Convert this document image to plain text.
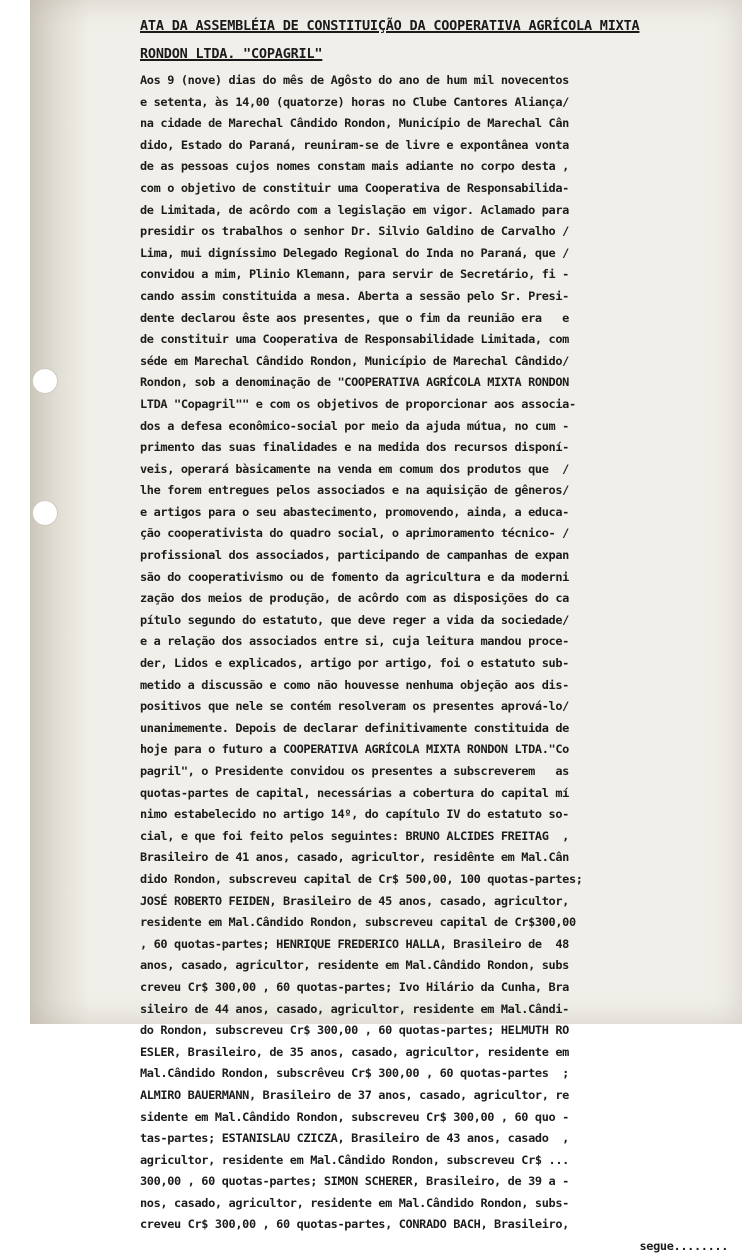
ATA DA ASSEMBLÉIA DE CONSTITUIÇÃO DA COOPERATIVA AGRÍCOLA MIXTA
RONDON LTDA. "COPAGRIL"
Aos 9 (nove) dias do mês de Agôsto do ano de hum mil novecentos
e setenta, às 14,00 (quatorze) horas no Clube Cantores Aliança/
na cidade de Marechal Cândido Rondon, Município de Marechal Cân
dido, Estado do Paraná, reuniram-se de livre e expontânea vonta
de as pessoas cujos nomes constam mais adiante no corpo desta ,
com o objetivo de constituir uma Cooperativa de Responsabilida-
de Limitada, de acôrdo com a legislação em vigor. Aclamado para
presidir os trabalhos o senhor Dr. Silvio Galdino de Carvalho /
Lima, mui digníssimo Delegado Regional do Inda no Paraná, que /
convidou a mim, Plinio Klemann, para servir de Secretário, fi -
cando assim constituida a mesa. Aberta a sessão pelo Sr. Presi-
dente declarou êste aos presentes, que o fim da reunião era   e
de constituir uma Cooperativa de Responsabilidade Limitada, com
séde em Marechal Cândido Rondon, Município de Marechal Cândido/
Rondon, sob a denominação de "COOPERATIVA AGRÍCOLA MIXTA RONDON
LTDA "Copagril"" e com os objetivos de proporcionar aos associa-
dos a defesa econômico-social por meio da ajuda mútua, no cum -
primento das suas finalidades e na medida dos recursos disponí-
veis, operará bàsicamente na venda em comum dos produtos que  /
lhe forem entregues pelos associados e na aquisição de gêneros/
e artigos para o seu abastecimento, promovendo, ainda, a educa-
ção cooperativista do quadro social, o aprimoramento técnico- /
profissional dos associados, participando de campanhas de expan
são do cooperativismo ou de fomento da agricultura e da moderni
zação dos meios de produção, de acôrdo com as disposições do ca
pítulo segundo do estatuto, que deve reger a vida da sociedade/
e a relação dos associados entre si, cuja leitura mandou proce-
der, Lidos e explicados, artigo por artigo, foi o estatuto sub-
metido a discussão e como não houvesse nenhuma objeção aos dis-
positivos que nele se contém resolveram os presentes aprová-lo/
unanimemente. Depois de declarar definitivamente constituida de
hoje para o futuro a COOPERATIVA AGRÍCOLA MIXTA RONDON LTDA."Co
pagril", o Presidente convidou os presentes a subscreverem   as
quotas-partes de capital, necessárias a cobertura do capital mí
nimo estabelecido no artigo 14º, do capítulo IV do estatuto so-
cial, e que foi feito pelos seguintes: BRUNO ALCIDES FREITAG  ,
Brasileiro de 41 anos, casado, agricultor, residênte em Mal.Cân
dido Rondon, subscreveu capital de Cr$ 500,00, 100 quotas-partes;
JOSÉ ROBERTO FEIDEN, Brasileiro de 45 anos, casado, agricultor,
residente em Mal.Cândido Rondon, subscreveu capital de Cr$300,00
, 60 quotas-partes; HENRIQUE FREDERICO HALLA, Brasileiro de  48
anos, casado, agricultor, residente em Mal.Cândido Rondon, subs
creveu Cr$ 300,00 , 60 quotas-partes; Ivo Hilário da Cunha, Bra
sileiro de 44 anos, casado, agricultor, residente em Mal.Cândi-
do Rondon, subscreveu Cr$ 300,00 , 60 quotas-partes; HELMUTH RO
ESLER, Brasileiro, de 35 anos, casado, agricultor, residente em
Mal.Cândido Rondon, subscrêveu Cr$ 300,00 , 60 quotas-partes  ;
ALMIRO BAUERMANN, Brasileiro de 37 anos, casado, agricultor, re
sidente em Mal.Cândido Rondon, subscreveu Cr$ 300,00 , 60 quo -
tas-partes; ESTANISLAU CZICZA, Brasileiro de 43 anos, casado  ,
agricultor, residente em Mal.Cândido Rondon, subscreveu Cr$ ...
300,00 , 60 quotas-partes; SIMON SCHERER, Brasileiro, de 39 a -
nos, casado, agricultor, residente em Mal.Cândido Rondon, subs-
creveu Cr$ 300,00 , 60 quotas-partes, CONRADO BACH, Brasileiro,
segue........
